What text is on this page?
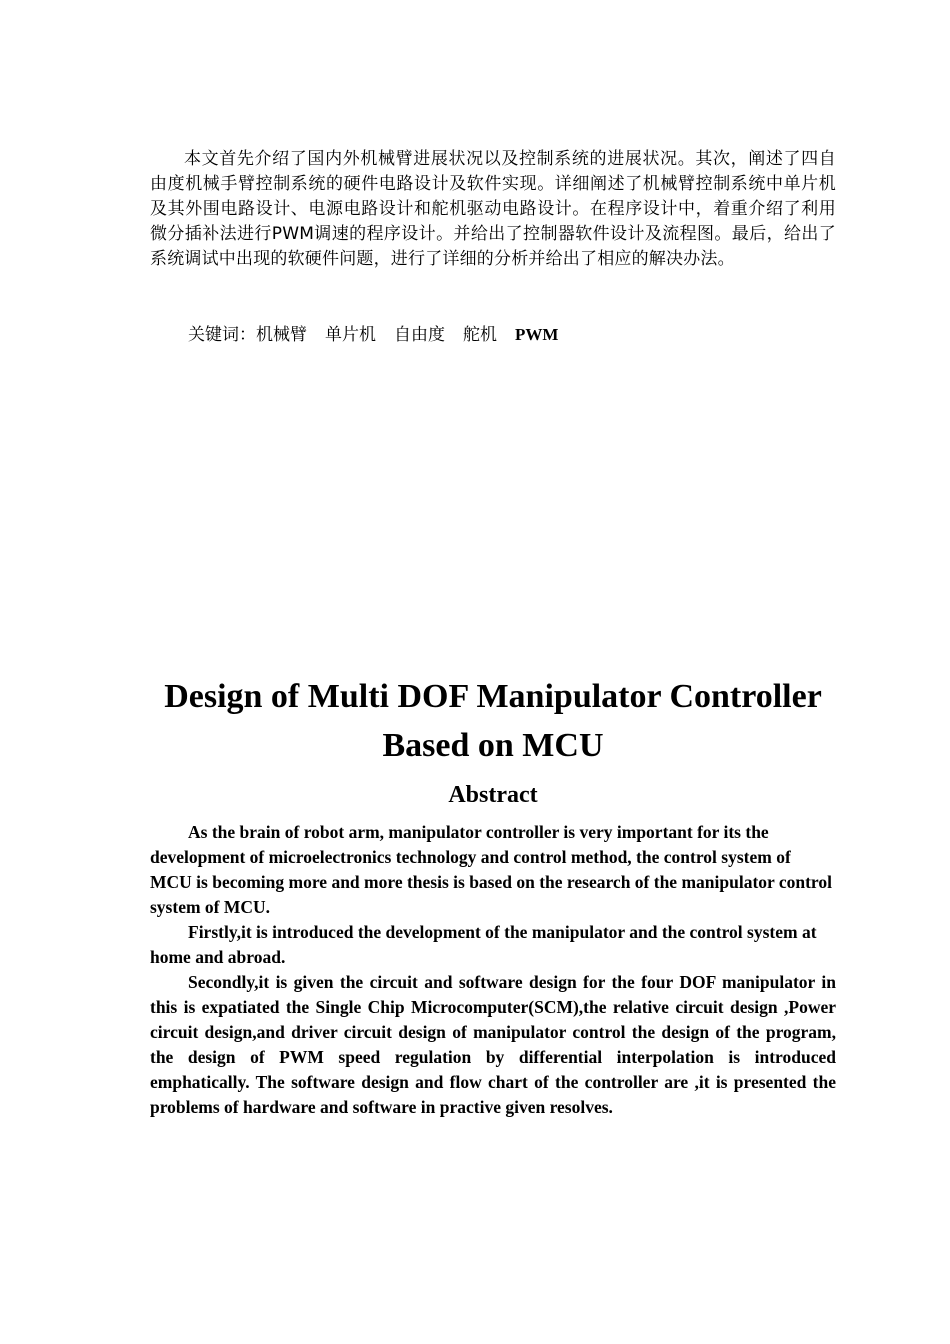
本文首先介绍了国内外机械臂进展状况以及控制系统的进展状况。其次，阐述了四自由度机械手臂控制系统的硬件电路设计及软件实现。详细阐述了机械臂控制系统中单片机及其外围电路设计、电源电路设计和舵机驱动电路设计。在程序设计中，着重介绍了利用微分插补法进行PWM调速的程序设计。并给出了控制器软件设计及流程图。最后，给出了系统调试中出现的软硬件问题，进行了详细的分析并给出了相应的解决办法。

关键词：机械臂 单片机 自由度 舵机 PWM

Design of Multi DOF Manipulator Controller
Based on MCU
Abstract

As the brain of robot arm, manipulator controller is very important for its the development of microelectronics technology and control method, the control system of MCU is becoming more and more thesis is based on the research of the manipulator control system of MCU.

Firstly,it is introduced the development of the manipulator and the control system at home and abroad.

Secondly,it is given the circuit and software design for the four DOF manipulator in this is expatiated the Single Chip Microcomputer(SCM),the relative circuit design ,Power circuit design,and driver circuit design of manipulator control the design of the program, the design of PWM speed regulation by differential interpolation is introduced emphatically. The software design and flow chart of the controller are ,it is presented the problems of hardware and software in practive given resolves.
